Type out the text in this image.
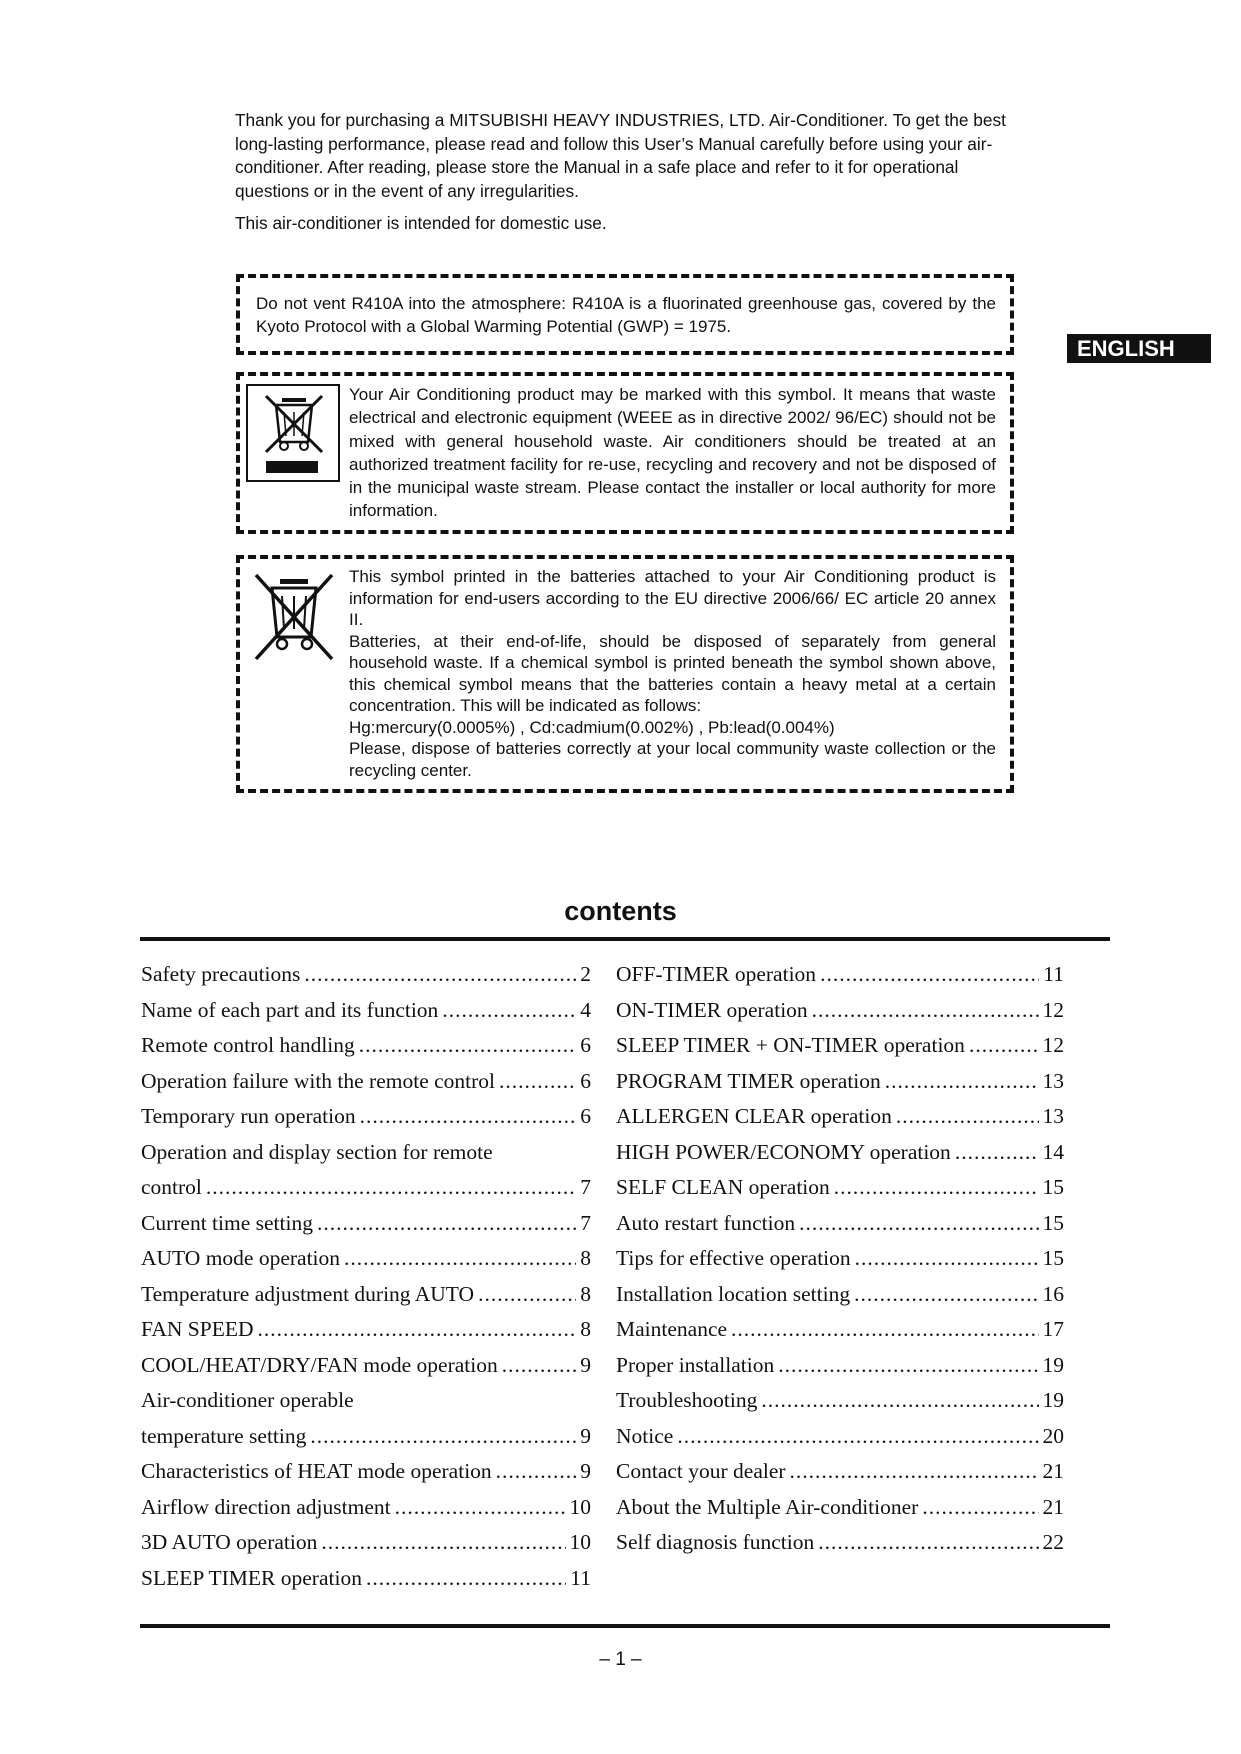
Thank you for purchasing a MITSUBISHI HEAVY INDUSTRIES, LTD. Air-Conditioner. To get the best long-lasting performance, please read and follow this User’s Manual carefully before using your air-conditioner. After reading, please store the Manual in a safe place and refer to it for operational questions or in the event of any irregularities.

This air-conditioner is intended for domestic use.

ENGLISH

Do not vent R410A into the atmosphere: R410A is a fluorinated greenhouse gas, covered by the Kyoto Protocol with a Global Warming Potential (GWP) = 1975.

Your Air Conditioning product may be marked with this symbol. It means that waste electrical and electronic equipment (WEEE as in directive 2002/ 96/EC) should not be mixed with general household waste. Air conditioners should be treated at an authorized treatment facility for re-use, recycling and recovery and not be disposed of in the municipal waste stream. Please contact the installer or local authority for more information.

This symbol printed in the batteries attached to your Air Conditioning product is information for end-users according to the EU directive 2006/66/ EC article 20 annex II.

Batteries, at their end-of-life, should be disposed of separately from general household waste. If a chemical symbol is printed beneath the symbol shown above, this chemical symbol means that the batteries contain a heavy metal at a certain concentration. This will be indicated as follows:

Hg:mercury(0.0005%) , Cd:cadmium(0.002%) , Pb:lead(0.004%)

Please, dispose of batteries correctly at your local community waste collection or the recycling center.

contents
Safety precautions .....	2
Name of each part and its function .....	4
Remote control handling .....	6
Operation failure with the remote control .....	6
Temporary run operation .....	6
Operation and display section for remote
control .....	7
Current time setting .....	7
AUTO mode operation .....	8
Temperature adjustment during AUTO .....	8
FAN SPEED .....	8
COOL/HEAT/DRY/FAN mode operation .....	9
Air-conditioner operable
temperature setting .....	9
Characteristics of HEAT mode operation .....	9
Airflow direction adjustment .....	10
3D AUTO operation .....	10
SLEEP TIMER operation .....	11
OFF-TIMER operation .....	11
ON-TIMER operation .....	12
SLEEP TIMER + ON-TIMER operation .....	12
PROGRAM TIMER operation .....	13
ALLERGEN CLEAR operation .....	13
HIGH POWER/ECONOMY operation .....	14
SELF CLEAN operation .....	15
Auto restart function .....	15
Tips for effective operation .....	15
Installation location setting .....	16
Maintenance .....	17
Proper installation .....	19
Troubleshooting .....	19
Notice .....	20
Contact your dealer .....	21
About the Multiple Air-conditioner .....	21
Self diagnosis function .....	22
– 1 –
